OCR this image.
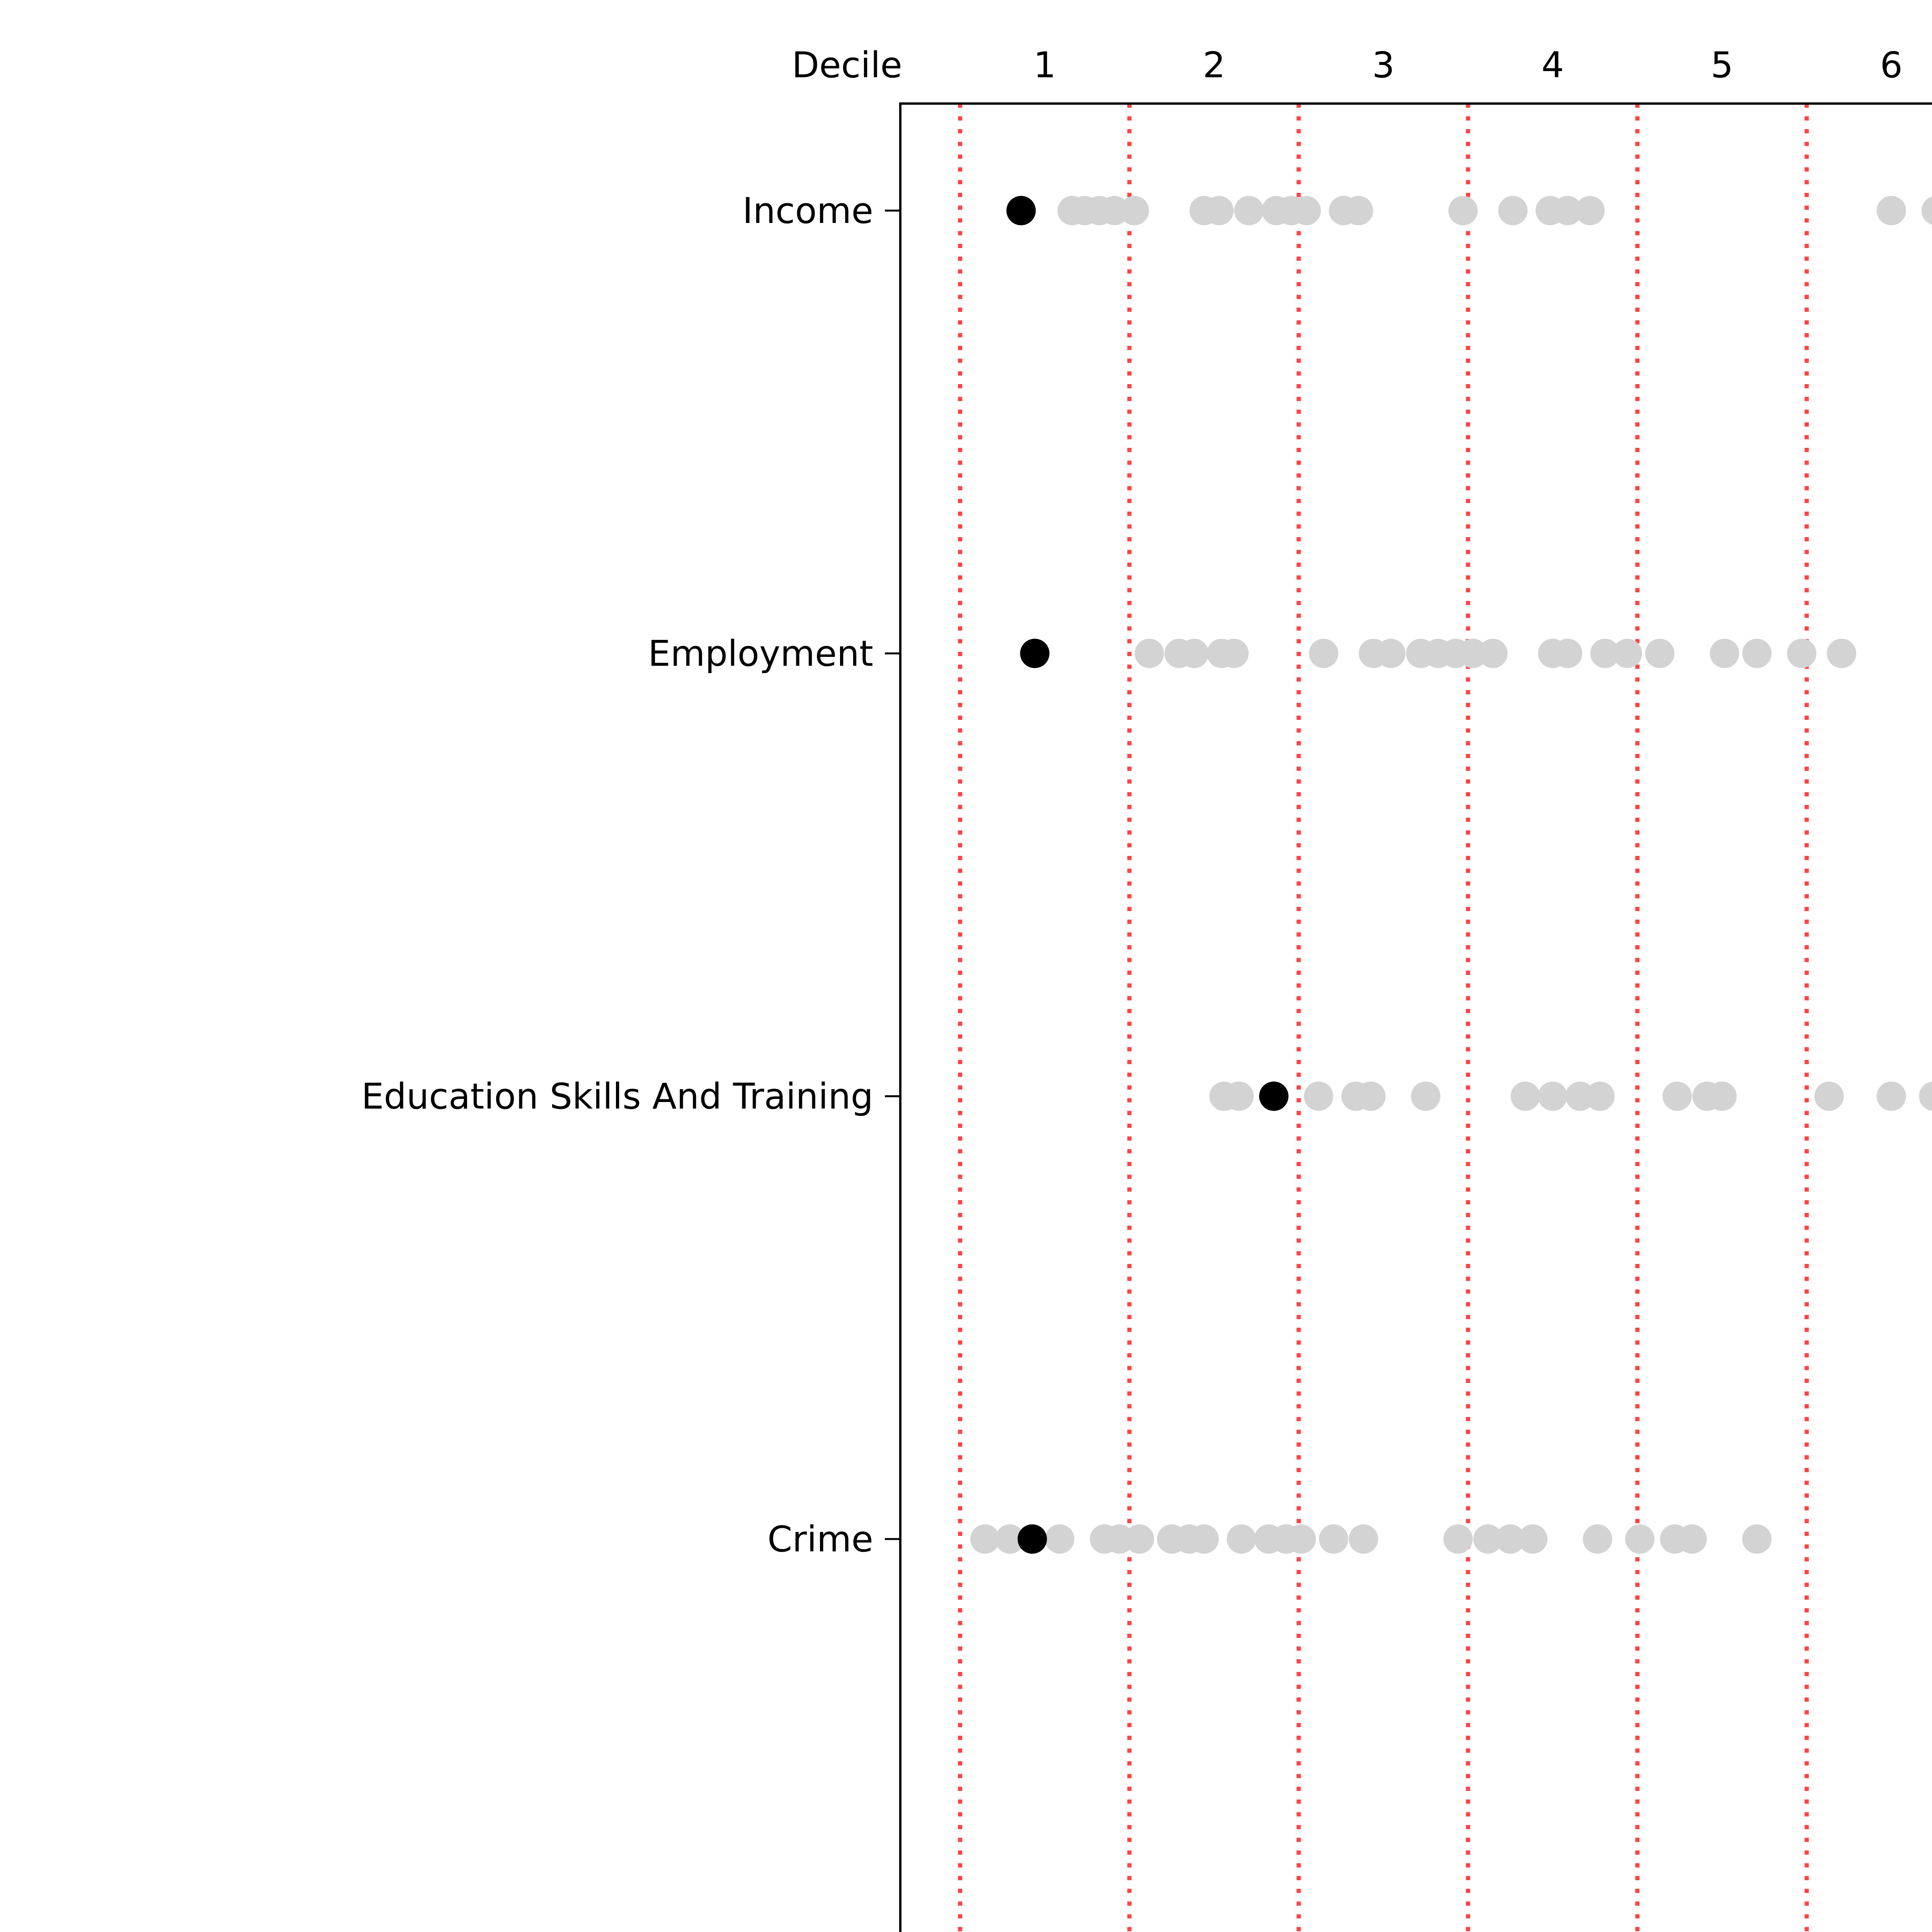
Income
Employment
Education Skills And Training
Crime
1	2	3	4	5	6
Decile
